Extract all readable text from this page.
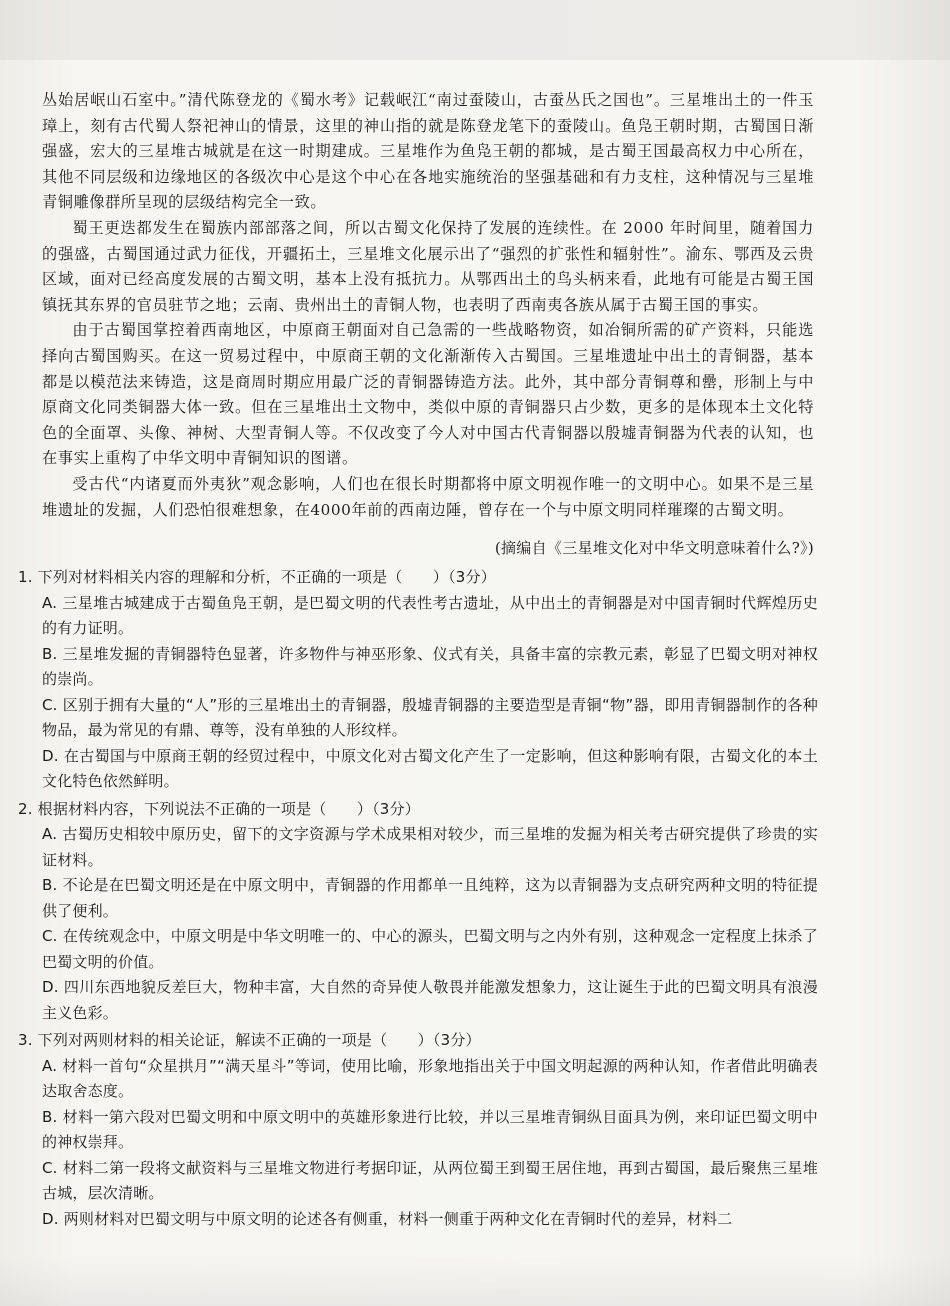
丛始居岷山石室中。”清代陈登龙的《蜀水考》记载岷江“南过蚕陵山，古蚕丛氏之国也”。三星堆出土的一件玉璋上，刻有古代蜀人祭祀神山的情景，这里的神山指的就是陈登龙笔下的蚕陵山。鱼凫王朝时期，古蜀国日渐强盛，宏大的三星堆古城就是在这一时期建成。三星堆作为鱼凫王朝的都城，是古蜀王国最高权力中心所在，其他不同层级和边缘地区的各级次中心是这个中心在各地实施统治的坚强基础和有力支柱，这种情况与三星堆青铜雕像群所呈现的层级结构完全一致。

蜀王更迭都发生在蜀族内部部落之间，所以古蜀文化保持了发展的连续性。在 2000 年时间里，随着国力的强盛，古蜀国通过武力征伐，开疆拓土，三星堆文化展示出了“强烈的扩张性和辐射性”。渝东、鄂西及云贵区域，面对已经高度发展的古蜀文明，基本上没有抵抗力。从鄂西出土的鸟头柄来看，此地有可能是古蜀王国镇抚其东界的官员驻节之地；云南、贵州出土的青铜人物，也表明了西南夷各族从属于古蜀王国的事实。

由于古蜀国掌控着西南地区，中原商王朝面对自己急需的一些战略物资，如冶铜所需的矿产资料，只能选择向古蜀国购买。在这一贸易过程中，中原商王朝的文化渐渐传入古蜀国。三星堆遗址中出土的青铜器，基本都是以模范法来铸造，这是商周时期应用最广泛的青铜器铸造方法。此外，其中部分青铜尊和罍，形制上与中原商文化同类铜器大体一致。但在三星堆出土文物中，类似中原的青铜器只占少数，更多的是体现本土文化特色的全面罩、头像、神树、大型青铜人等。不仅改变了今人对中国古代青铜器以殷墟青铜器为代表的认知，也在事实上重构了中华文明中青铜知识的图谱。

受古代“内诸夏而外夷狄”观念影响，人们也在很长时期都将中原文明视作唯一的文明中心。如果不是三星堆遗址的发掘，人们恐怕很难想象，在4000年前的西南边陲，曾存在一个与中原文明同样璀璨的古蜀文明。

(摘编自《三星堆文化对中华文明意味着什么?》)

1. 下列对材料相关内容的理解和分析，不正确的一项是（　　）（3分）

A. 三星堆古城建成于古蜀鱼凫王朝，是巴蜀文明的代表性考古遗址，从中出土的青铜器是对中国青铜时代辉煌历史的有力证明。

B. 三星堆发掘的青铜器特色显著，许多物件与神巫形象、仪式有关，具备丰富的宗教元素，彰显了巴蜀文明对神权的崇尚。

C. 区别于拥有大量的“人”形的三星堆出土的青铜器，殷墟青铜器的主要造型是青铜“物”器，即用青铜器制作的各种物品，最为常见的有鼎、尊等，没有单独的人形纹样。

D. 在古蜀国与中原商王朝的经贸过程中，中原文化对古蜀文化产生了一定影响，但这种影响有限，古蜀文化的本土文化特色依然鲜明。

2. 根据材料内容，下列说法不正确的一项是（　　）（3分）

A. 古蜀历史相较中原历史，留下的文字资源与学术成果相对较少，而三星堆的发掘为相关考古研究提供了珍贵的实证材料。

B. 不论是在巴蜀文明还是在中原文明中，青铜器的作用都单一且纯粹，这为以青铜器为支点研究两种文明的特征提供了便利。

C. 在传统观念中，中原文明是中华文明唯一的、中心的源头，巴蜀文明与之内外有别，这种观念一定程度上抹杀了巴蜀文明的价值。

D. 四川东西地貌反差巨大，物种丰富，大自然的奇异使人敬畏并能激发想象力，这让诞生于此的巴蜀文明具有浪漫主义色彩。

3. 下列对两则材料的相关论证，解读不正确的一项是（　　）（3分）

A. 材料一首句“众星拱月”“满天星斗”等词，使用比喻，形象地指出关于中国文明起源的两种认知，作者借此明确表达取舍态度。

B. 材料一第六段对巴蜀文明和中原文明中的英雄形象进行比较，并以三星堆青铜纵目面具为例，来印证巴蜀文明中的神权崇拜。

C. 材料二第一段将文献资料与三星堆文物进行考据印证，从两位蜀王到蜀王居住地，再到古蜀国，最后聚焦三星堆古城，层次清晰。

D. 两则材料对巴蜀文明与中原文明的论述各有侧重，材料一侧重于两种文化在青铜时代的差异，材料二
